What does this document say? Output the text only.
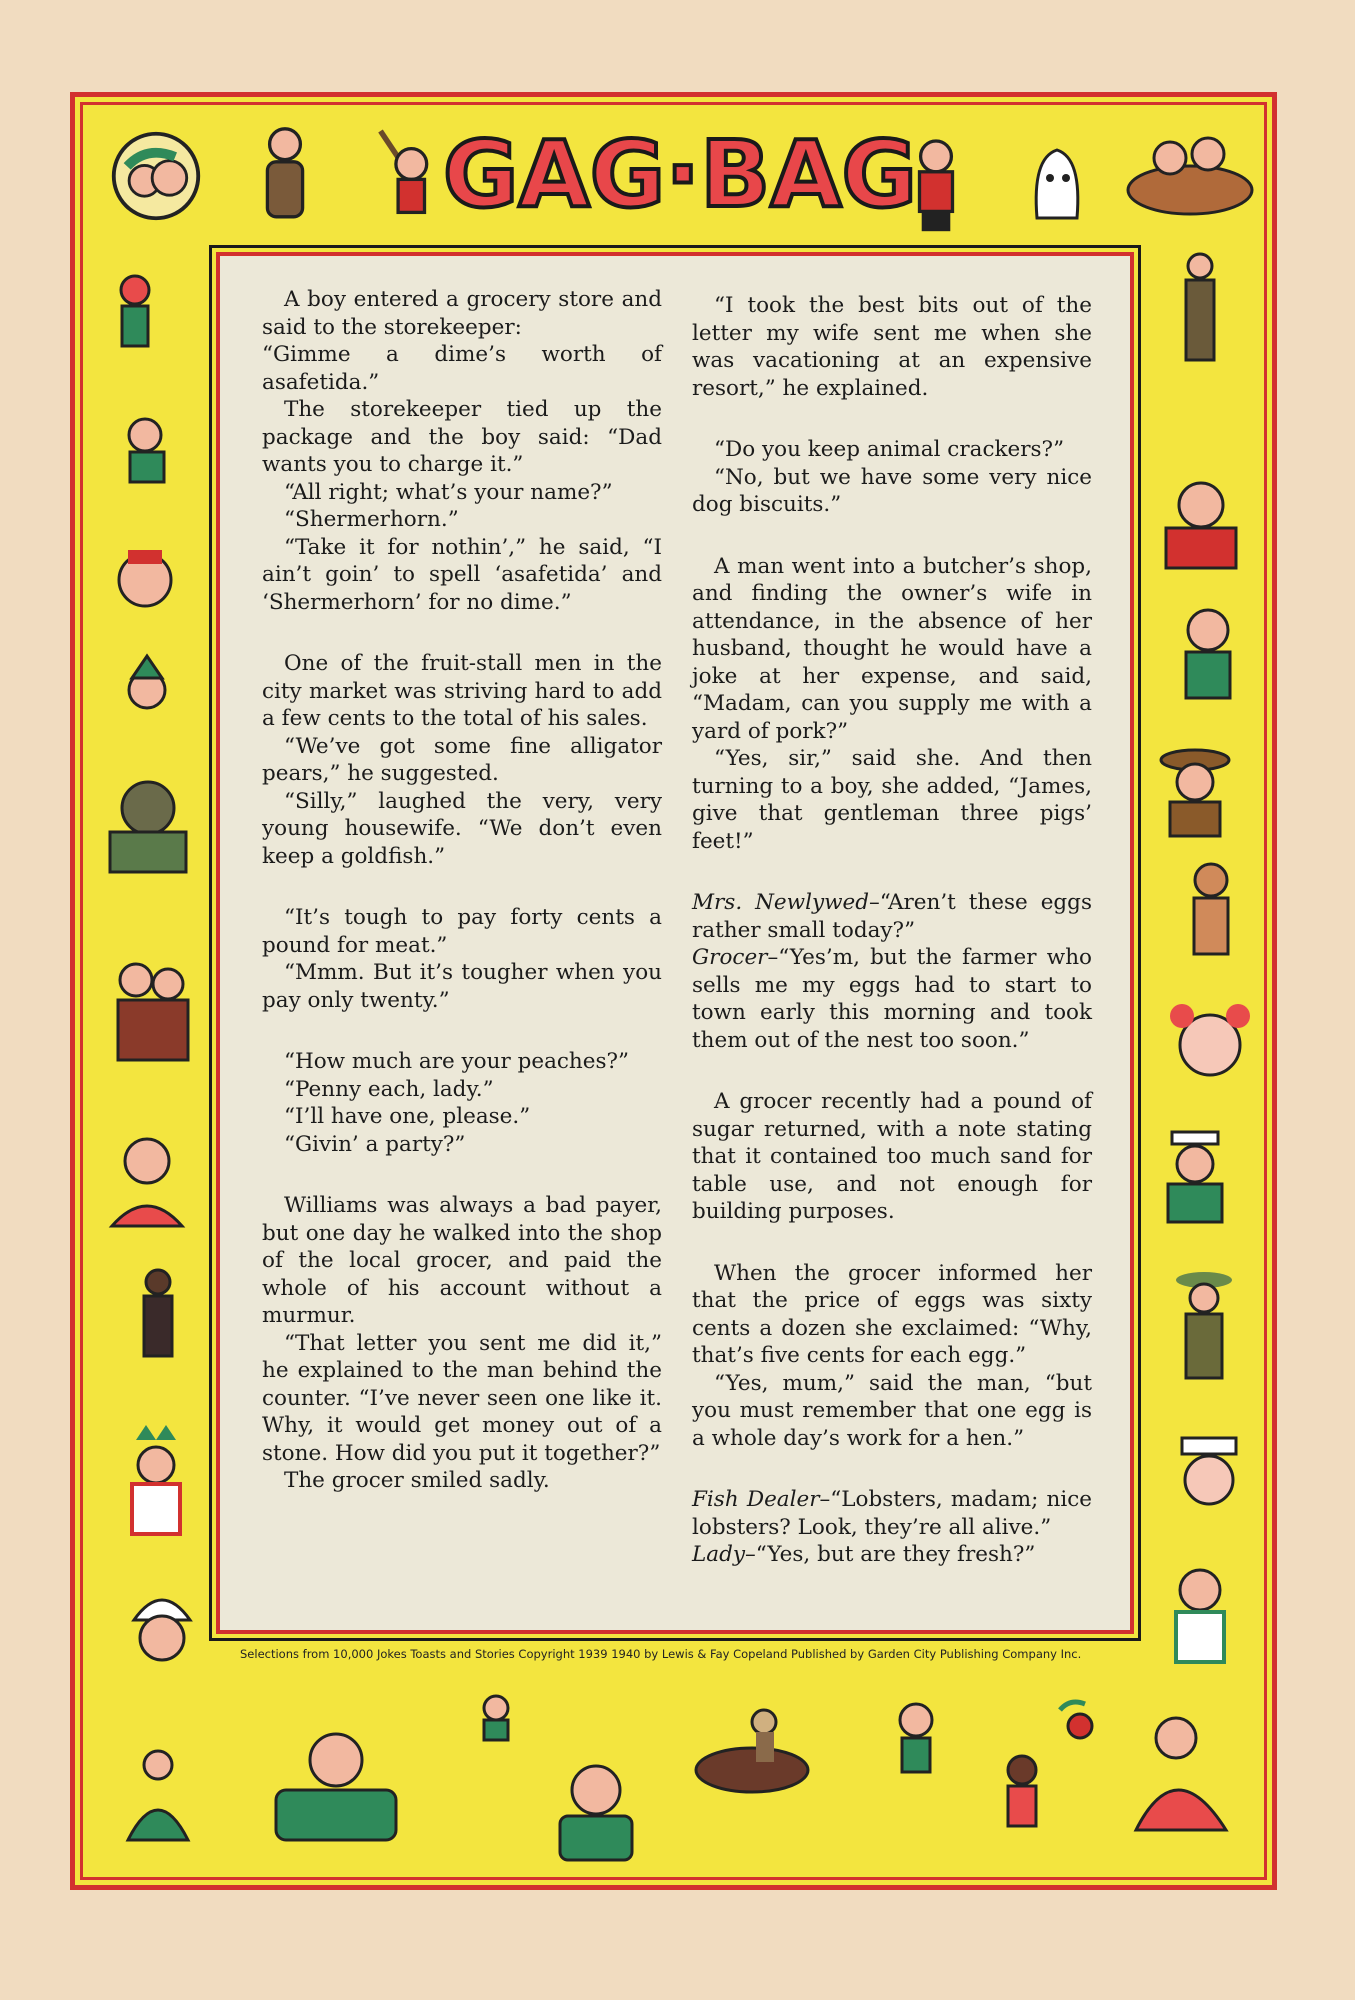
GAG·BAG

A boy entered a grocery store and said to the storekeeper:

“Gimme a dime’s worth of asafetida.”

The storekeeper tied up the package and the boy said: “Dad wants you to charge it.”

“All right; what’s your name?”

“Shermerhorn.”

“Take it for nothin’,” he said, “I ain’t goin’ to spell ‘asafetida’ and ‘Shermerhorn’ for no dime.”

One of the fruit-stall men in the city market was striving hard to add a few cents to the total of his sales.

“We’ve got some fine alligator pears,” he suggested.

“Silly,” laughed the very, very young housewife. “We don’t even keep a goldfish.”

“It’s tough to pay forty cents a pound for meat.”

“Mmm. But it’s tougher when you pay only twenty.”

“How much are your peaches?”

“Penny each, lady.”

“I’ll have one, please.”

“Givin’ a party?”

Williams was always a bad payer, but one day he walked into the shop of the local grocer, and paid the whole of his account without a murmur.

“That letter you sent me did it,” he explained to the man behind the counter. “I’ve never seen one like it. Why, it would get money out of a stone. How did you put it together?”

The grocer smiled sadly.

“I took the best bits out of the letter my wife sent me when she was vacationing at an expensive resort,” he explained.

“Do you keep animal crackers?”

“No, but we have some very nice dog biscuits.”

A man went into a butcher’s shop, and finding the owner’s wife in attendance, in the absence of her husband, thought he would have a joke at her expense, and said, “Madam, can you supply me with a yard of pork?”

“Yes, sir,” said she. And then turning to a boy, she added, “James, give that gentleman three pigs’ feet!”

Mrs. Newlywed–“Aren’t these eggs rather small today?”

Grocer–“Yes’m, but the farmer who sells me my eggs had to start to town early this morning and took them out of the nest too soon.”

A grocer recently had a pound of sugar returned, with a note stating that it contained too much sand for table use, and not enough for building purposes.

When the grocer informed her that the price of eggs was sixty cents a dozen she exclaimed: “Why, that’s five cents for each egg.”

“Yes, mum,” said the man, “but you must remember that one egg is a whole day’s work for a hen.”

Fish Dealer–“Lobsters, madam; nice lobsters? Look, they’re all alive.”

Lady–“Yes, but are they fresh?”

Selections from 10,000 Jokes Toasts and Stories Copyright 1939 1940 by Lewis & Fay Copeland Published by Garden City Publishing Company Inc.
